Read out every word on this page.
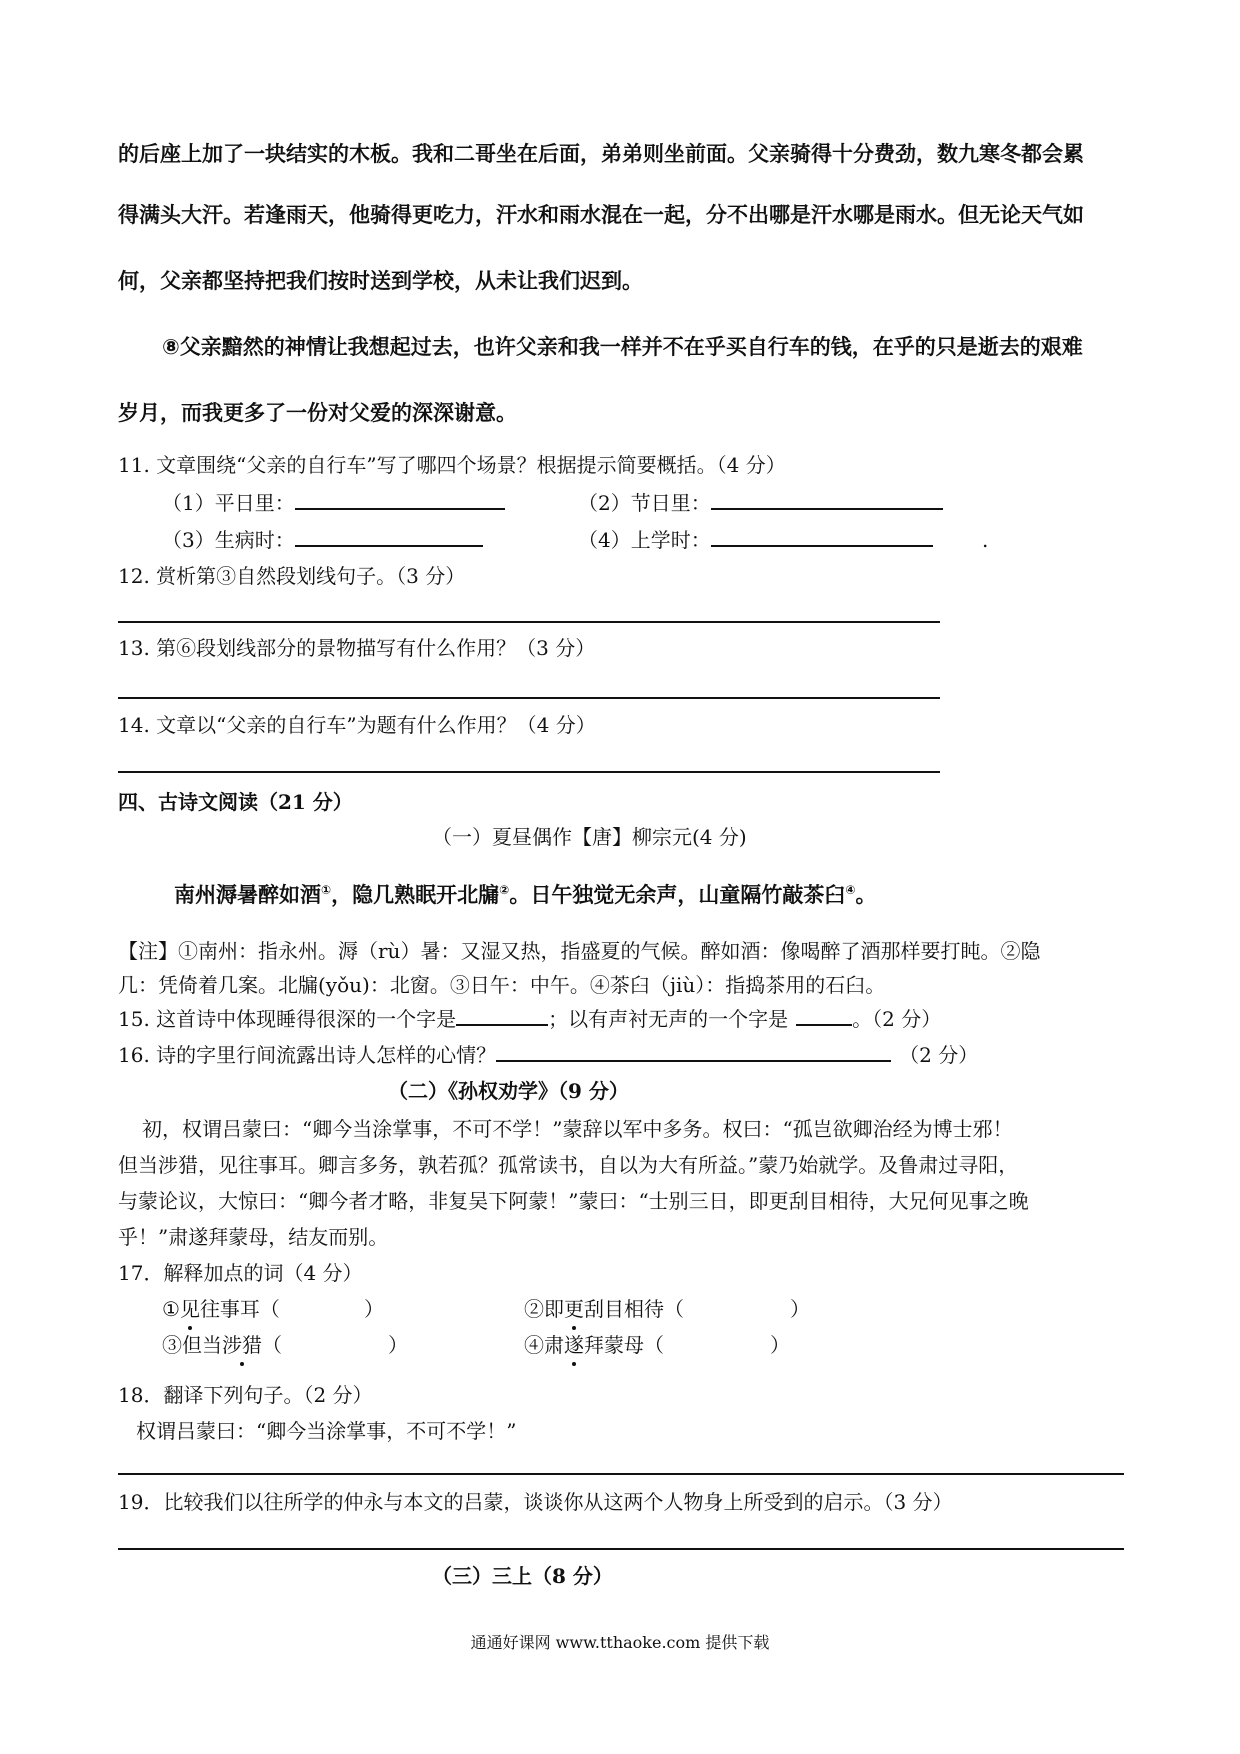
的后座上加了一块结实的木板。我和二哥坐在后面，弟弟则坐前面。父亲骑得十分费劲，数九寒冬都会累
得满头大汗。若逢雨天，他骑得更吃力，汗水和雨水混在一起，分不出哪是汗水哪是雨水。但无论天气如
何，父亲都坚持把我们按时送到学校，从未让我们迟到。
⑧父亲黯然的神情让我想起过去，也许父亲和我一样并不在乎买自行车的钱，在乎的只是逝去的艰难
岁月，而我更多了一份对父爱的深深谢意。
11. 文章围绕“父亲的自行车”写了哪四个场景？根据提示简要概括。（4 分）
（1）平日里：	（2）节日里：
（3）生病时：	（4）上学时：	.
12. 赏析第③自然段划线句子。（3 分）
13. 第⑥段划线部分的景物描写有什么作用？（3 分）
14. 文章以“父亲的自行车”为题有什么作用？（4 分）
四、古诗文阅读（21 分）
（一）夏昼偶作【唐】柳宗元(4 分)
南州溽暑醉如酒①，隐几熟眠开北牖②。日午独觉无余声，山童隔竹敲茶臼④。
【注】①南州：指永州。溽（rù）暑：又湿又热，指盛夏的气候。醉如酒：像喝醉了酒那样要打盹。②隐
几：凭倚着几案。北牖(yǒu)：北窗。③日午：中午。④茶臼（jiù）：指捣茶用的石臼。
15. 这首诗中体现睡得很深的一个字是	；以有声衬无声的一个字是	。（2 分）
16. 诗的字里行间流露出诗人怎样的心情？	（2 分）
（二）《孙权劝学》（9 分）
初，权谓吕蒙曰：“卿今当涂掌事，不可不学！”蒙辞以军中多务。权曰：“孤岂欲卿治经为博士邪！
但当涉猎，见往事耳。卿言多务，孰若孤？孤常读书，自以为大有所益。”蒙乃始就学。及鲁肃过寻阳，
与蒙论议，大惊曰：“卿今者才略，非复吴下阿蒙！”蒙曰：“士别三日，即更刮目相待，大兄何见事之晚
乎！”肃遂拜蒙母，结友而别。
17．解释加点的词（4 分）
①见往事耳（	）	②即更刮目相待（	）
③但当涉猎（	）	④肃遂拜蒙母（	）
18．翻译下列句子。（2 分）
权谓吕蒙曰：“卿今当涂掌事，不可不学！”
19．比较我们以往所学的仲永与本文的吕蒙，谈谈你从这两个人物身上所受到的启示。（3 分）
（三）三上（8 分）
通通好课网 www.tthaoke.com 提供下载
